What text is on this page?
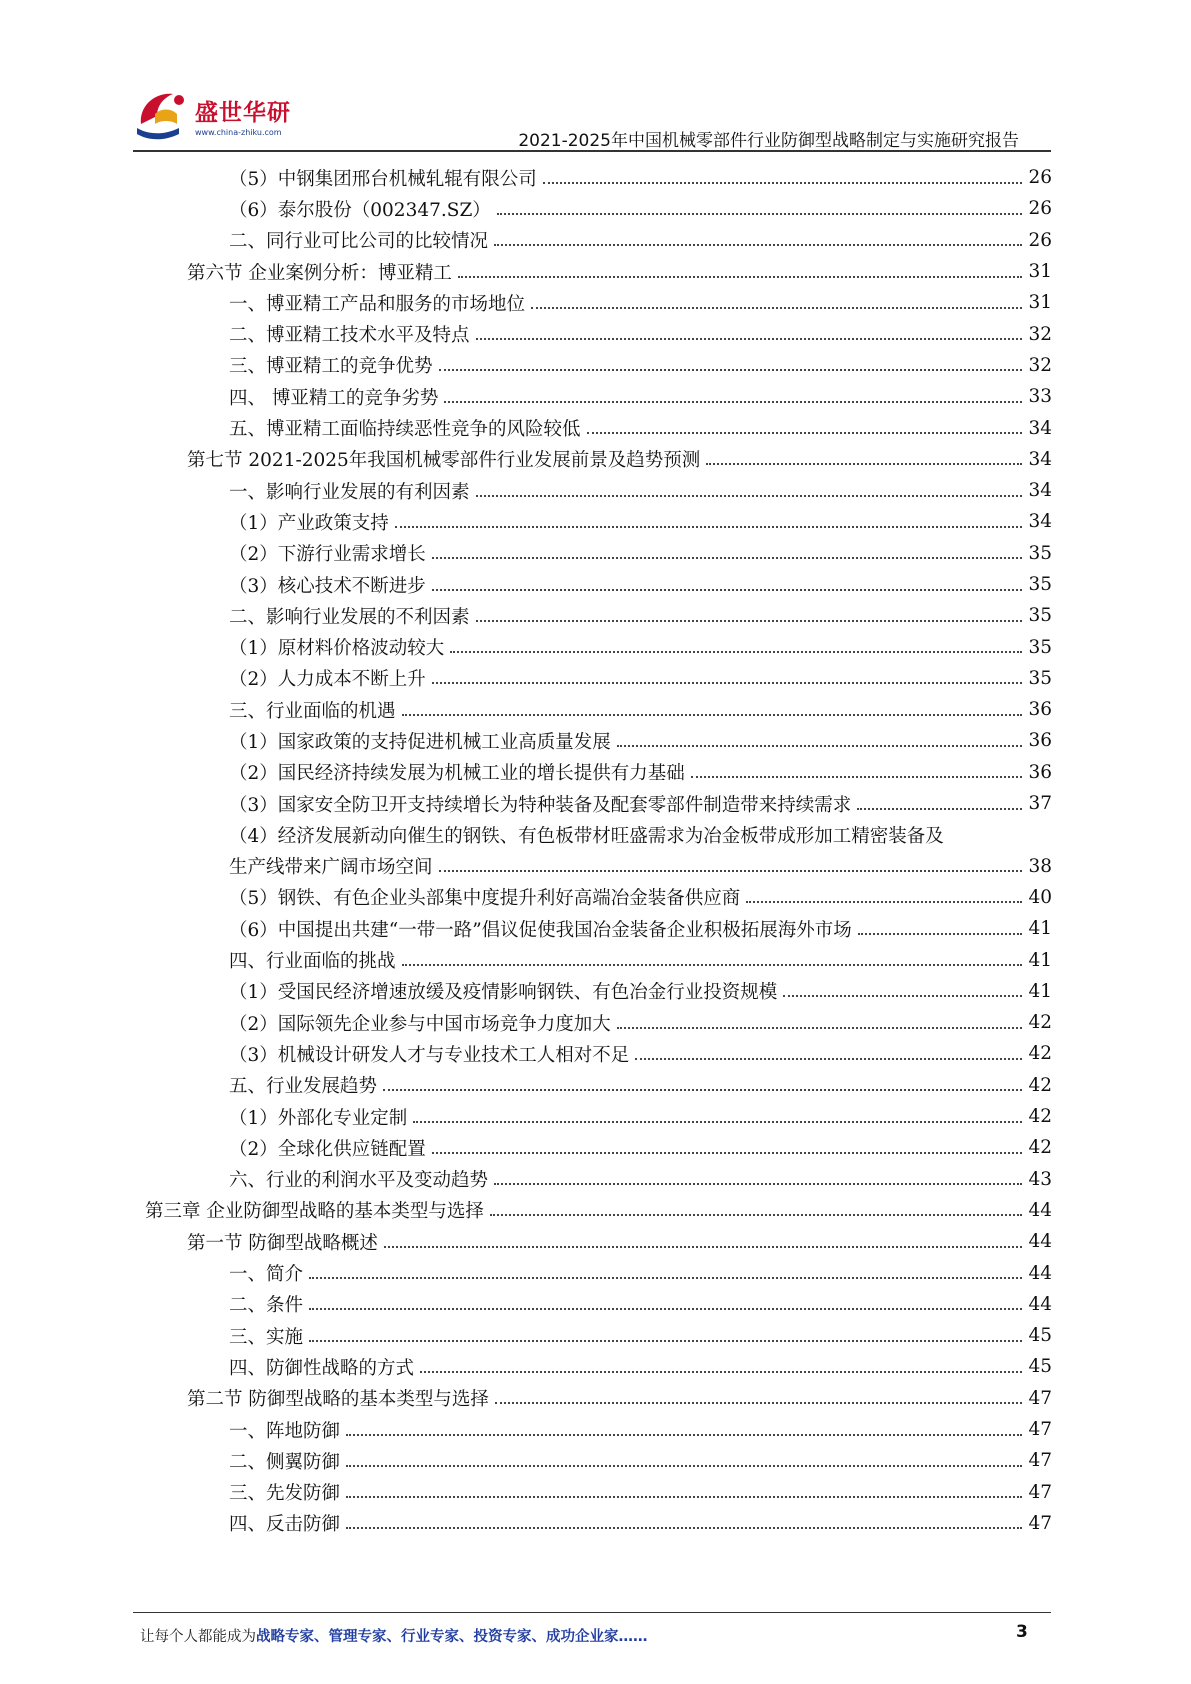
盛世华研
www.china-zhiku.com	2021-2025年中国机械零部件行业防御型战略制定与实施研究报告
（5）中钢集团邢台机械轧辊有限公司	26
（6）泰尔股份（002347.SZ）	26
二、同行业可比公司的比较情况	26
第六节 企业案例分析：博亚精工	31
一、博亚精工产品和服务的市场地位	31
二、博亚精工技术水平及特点	32
三、博亚精工的竞争优势	32
四、 博亚精工的竞争劣势	33
五、博亚精工面临持续恶性竞争的风险较低	34
第七节 2021-2025年我国机械零部件行业发展前景及趋势预测	34
一、影响行业发展的有利因素	34
（1）产业政策支持	34
（2）下游行业需求增长	35
（3）核心技术不断进步	35
二、影响行业发展的不利因素	35
（1）原材料价格波动较大	35
（2）人力成本不断上升	35
三、行业面临的机遇	36
（1）国家政策的支持促进机械工业高质量发展	36
（2）国民经济持续发展为机械工业的增长提供有力基础	36
（3）国家安全防卫开支持续增长为特种装备及配套零部件制造带来持续需求	37
（4）经济发展新动向催生的钢铁、有色板带材旺盛需求为冶金板带成形加工精密装备及
生产线带来广阔市场空间	38
（5）钢铁、有色企业头部集中度提升利好高端冶金装备供应商	40
（6）中国提出共建“一带一路”倡议促使我国冶金装备企业积极拓展海外市场	41
四、行业面临的挑战	41
（1）受国民经济增速放缓及疫情影响钢铁、有色冶金行业投资规模	41
（2）国际领先企业参与中国市场竞争力度加大	42
（3）机械设计研发人才与专业技术工人相对不足	42
五、行业发展趋势	42
（1）外部化专业定制	42
（2）全球化供应链配置	42
六、行业的利润水平及变动趋势	43
第三章 企业防御型战略的基本类型与选择	44
第一节 防御型战略概述	44
一、简介	44
二、条件	44
三、实施	45
四、防御性战略的方式	45
第二节 防御型战略的基本类型与选择	47
一、阵地防御	47
二、侧翼防御	47
三、先发防御	47
四、反击防御	47
让每个人都能成为战略专家、管理专家、行业专家、投资专家、成功企业家……	3
